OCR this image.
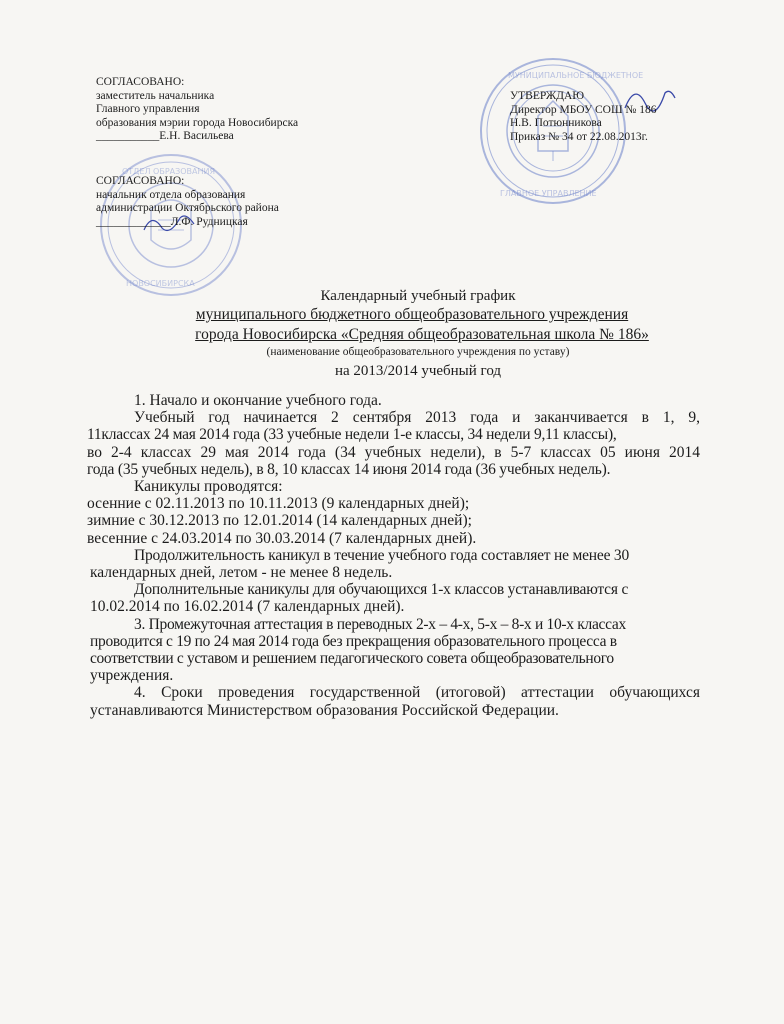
МУНИЦИПАЛЬНОЕ БЮДЖЕТНОЕ
ГЛАВНОЕ УПРАВЛЕНИЕ
ОТДЕЛ ОБРАЗОВАНИЯ
НОВОСИБИРСКА
СОГЛАСОВАНО:
заместитель начальника
Главного управления
образования мэрии города Новосибирска
___________Е.Н. Васильева
СОГЛАСОВАНО:
начальник отдела образования
администрации Октябрьского района
_____________Л.Ф. Рудницкая
УТВЕРЖДАЮ
Директор МБОУ СОШ № 186
Н.В. Потюнникова
Приказ № 34 от 22.08.2013г.
Календарный учебный график
муниципального бюджетного общеобразовательного учреждения
города Новосибирска «Средняя общеобразовательная школа № 186»
(наименование общеобразовательного учреждения по уставу)
на 2013/2014 учебный год
1. Начало и окончание учебного года.
Учебный год начинается 2 сентября 2013 года и заканчивается в 1, 9,
11классах 24 мая 2014 года (33 учебные недели 1-е классы, 34 недели 9,11 классы),
во 2-4 классах 29 мая 2014 года (34 учебных недели), в 5-7 классах 05 июня 2014
года (35 учебных недель), в 8, 10 классах 14 июня 2014 года (36 учебных недель).
Каникулы проводятся:
осенние с 02.11.2013 по 10.11.2013 (9 календарных дней);
зимние с 30.12.2013 по 12.01.2014 (14 календарных дней);
весенние с 24.03.2014 по 30.03.2014 (7 календарных дней).
Продолжительность каникул в течение учебного года составляет не менее 30
календарных дней, летом - не менее 8 недель.
Дополнительные каникулы для обучающихся 1-х классов устанавливаются с
10.02.2014 по 16.02.2014 (7 календарных дней).
3. Промежуточная аттестация в переводных 2-х – 4-х, 5-х – 8-х и 10-х классах
проводится с 19 по 24 мая 2014 года без прекращения образовательного процесса в
соответствии с уставом и решением педагогического совета общеобразовательного
учреждения.
4. Сроки проведения государственной (итоговой) аттестации обучающихся
устанавливаются Министерством образования Российской Федерации.
